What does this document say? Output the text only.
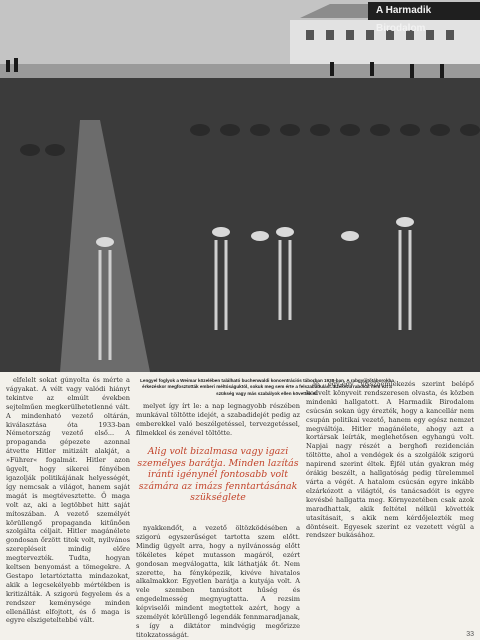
A Harmadik Birodalom
Lengyel foglyok a Weimar közelében található buchenwaldi koncentrációs táborban 1938-ban. A rabgyűjtőtáborokba érkezéskor megfosztották emberi méltóságuktól, sokuk meg sem érte a felszabadulást. Ezeket a rabokat nem ezt a szükség vagy más szabályok ellen követték el.

elfelelt sokat gúnyolta és mérte a vágyakat. A vélt vagy valódi hiányt tekintve az elmúlt években sejtelműen megkerülhetetlenné vált. A mindenható vezető oltárán, kiválasztása óta 1933-ban Németország vezető első... A propaganda gépezete azonnal átvette Hitler mitizált alakját, a »Führer« fogalmát. Hitler azon ügyelt, hogy sikerei fényében igazolják politikájának helyességét, így nemcsak a világot, hanem saját magát is megtévesztette. Ő maga volt az, aki a legtöbbet hitt saját mítoszában. A vezető személyét körüllengő propaganda kitűnően szolgálta céljait. Hitler magánélete gondosan őrzött titok volt, nyilvános szerepléseit mindig előre megtervezték. Tudta, hogyan keltsen benyomást a tömegekre. A Gestapo letartóztatta mindazokat, akik a legcsekélyebb mértékben is kritizálták. A szigorú fegyelem és a rendszer keménysége minden ellenállást elfojtott, és ő maga is egyre elszigeteltebbé vált.

melyet így írt le: a nap legnagyobb részében munkával töltötte idejét, a szabadidejét pedig az emberekkel való beszélgetéssel, tervezgetéssel, filmekkel és zenével töltötte.

Alig volt bizalmasa vagy igazi személyes barátja. Minden lazítás iránti igénynél fontosabb volt számára az imázs fenntartásának szükséglete

nyakkendőt, a vezető öltözködésében a szigorú egyszerűséget tartotta szem előtt. Mindig ügyelt arra, hogy a nyilvánosság előtt tökéletes képet mutasson magáról, ezért gondosan megválogatta, kik láthatják őt. Nem szerette, ha fényképezik, kivéve hivatalos alkalmakkor. Egyetlen barátja a kutyája volt. A vele szemben tanúsított hűség és engedelmesség megnyugtatta. A rezsim képviselői mindent megtettek azért, hogy a személyét körüllengő legendák fennmaradjanak, s így a diktátor mindvégig megőrizze titokzatosságát.

le, egy-egy visszaemlékezés szerint belépő kedvelt könyveit rendszeresen olvasta, és közben mindenki hallgatott. A Harmadik Birodalom csúcsán sokan úgy érezték, hogy a kancellár nem csupán politikai vezető, hanem egy egész nemzet megváltója. Hitler magánélete, ahogy azt a kortársak leírták, meglehetősen egyhangú volt. Napjai nagy részét a berghofi rezidencián töltötte, ahol a vendégek és a szolgálók szigorú napirend szerint éltek. Éjfél után gyakran még órákig beszélt, a hallgatóság pedig türelemmel várta a végét. A hatalom csúcsán egyre inkább elzárkózott a világtól, és tanácsadóit is egyre kevésbé hallgatta meg. Környezetében csak azok maradhattak, akik feltétel nélkül követték utasításait, s akik nem kérdőjelezték meg döntéseit. Egyesek szerint ez vezetett végül a rendszer bukásához.

33
